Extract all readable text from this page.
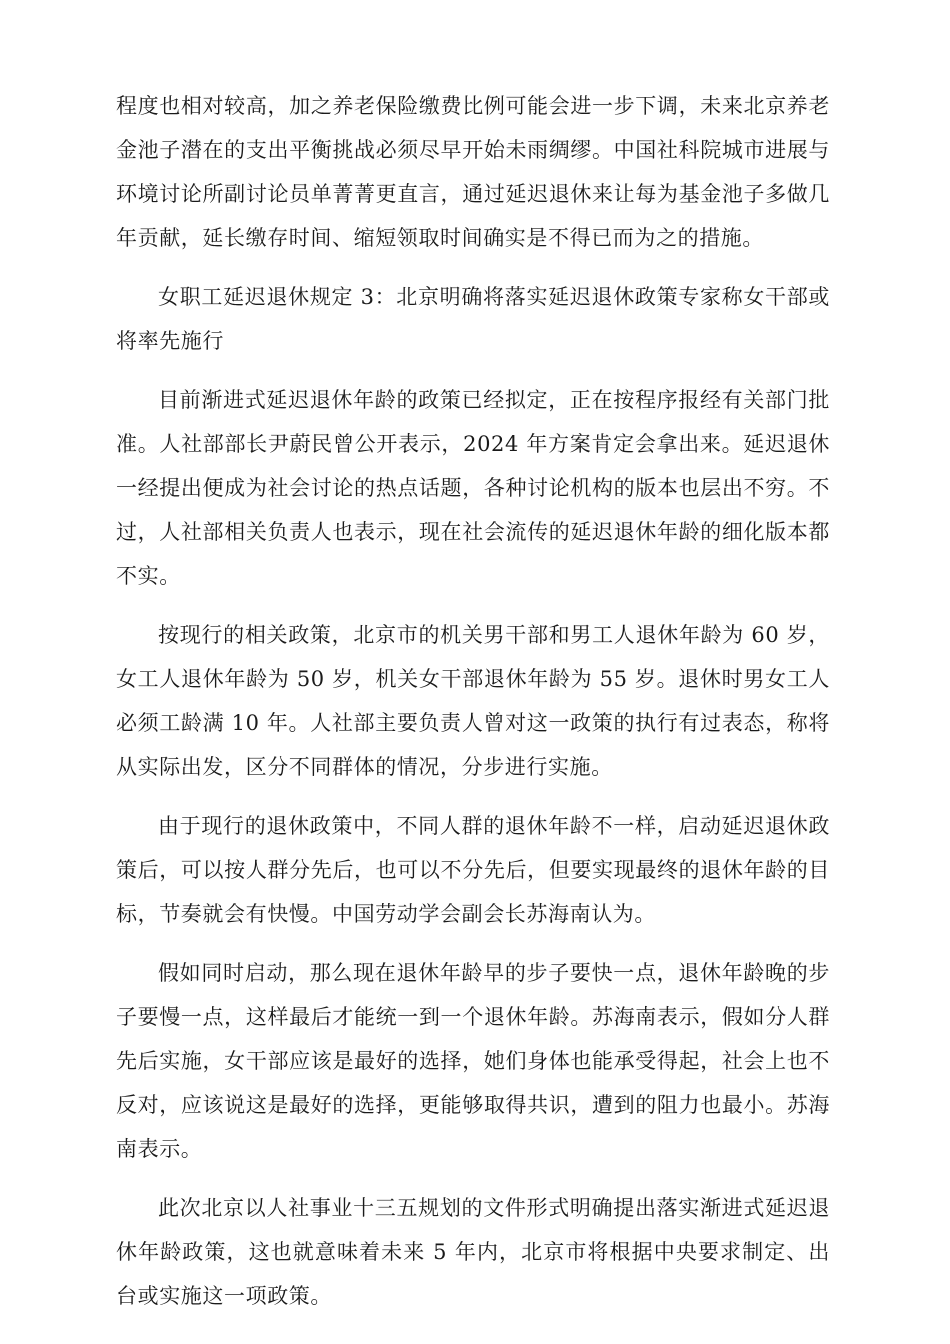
程度也相对较高，加之养老保险缴费比例可能会进一步下调，未来北京养老金池子潜在的支出平衡挑战必须尽早开始未雨绸缪。中国社科院城市进展与环境讨论所副讨论员单菁菁更直言，通过延迟退休来让每为基金池子多做几年贡献，延长缴存时间、缩短领取时间确实是不得已而为之的措施。

女职工延迟退休规定 3：北京明确将落实延迟退休政策专家称女干部或将率先施行

目前渐进式延迟退休年龄的政策已经拟定，正在按程序报经有关部门批准。人社部部长尹蔚民曾公开表示，2024 年方案肯定会拿出来。延迟退休一经提出便成为社会讨论的热点话题，各种讨论机构的版本也层出不穷。不过，人社部相关负责人也表示，现在社会流传的延迟退休年龄的细化版本都不实。

按现行的相关政策，北京市的机关男干部和男工人退休年龄为 60 岁，女工人退休年龄为 50 岁，机关女干部退休年龄为 55 岁。退休时男女工人必须工龄满 10 年。人社部主要负责人曾对这一政策的执行有过表态，称将从实际出发，区分不同群体的情况，分步进行实施。

由于现行的退休政策中，不同人群的退休年龄不一样，启动延迟退休政策后，可以按人群分先后，也可以不分先后，但要实现最终的退休年龄的目标，节奏就会有快慢。中国劳动学会副会长苏海南认为。

假如同时启动，那么现在退休年龄早的步子要快一点，退休年龄晚的步子要慢一点，这样最后才能统一到一个退休年龄。苏海南表示，假如分人群先后实施，女干部应该是最好的选择，她们身体也能承受得起，社会上也不反对，应该说这是最好的选择，更能够取得共识，遭到的阻力也最小。苏海南表示。

此次北京以人社事业十三五规划的文件形式明确提出落实渐进式延迟退休年龄政策，这也就意味着未来 5 年内，北京市将根据中央要求制定、出台或实施这一项政策。
